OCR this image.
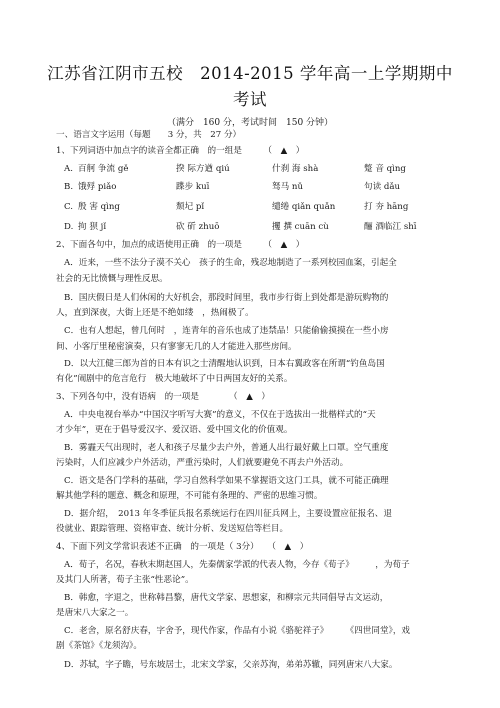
江苏省江阴市五校　2014-2015 学年高一上学期期中
考试
（满分　160 分，考试时间　150 分钟）
一、语言文字运用（每题　　3 分，共　27 分）
1、下列词语中加点字的读音全都正确　的一组是　　　（　▲　）
A. 百舸 争流 gě	揆 际方遒 qiú	什刹 海 shà	蹩 音 qìng
B. 饿殍 piǎo	蹀步 kuī	驽马 nǔ	句读 dǎu
C. 殷 害 qìng	颓圮 pǐ	缱绻 qiǎn quǎn	打 夯 hāng
D. 拘 狈 jǐ	砍 斫 zhuō	攫 撰 cuān cù	酾 酒临江 shī
2、下面各句中，加点的成语使用正确　的一项是　　　（　▲　）
A．近来，一些不法分子漠不关心　孩子的生命，残忍地制造了一系列校园血案，引起全
社会的无比愤慨与理性反思。
B．国庆假日是人们休闲的大好机会，那段时间里，我市步行街上到处都是游玩购物的
人，直到深夜，大街上还是不绝如缕　，热闹极了。
C．也有人想起，曾几何时　，连青年的音乐也成了违禁品！只能偷偷摸摸在一些小房
间、小客厅里秘密演奏，只有寥寥无几的人才能进入那些房间。
D．以大江健三郎为首的日本有识之士清醒地认识到，日本右翼政客在所谓“钓鱼岛国
有化”闹剧中的危言危行　极大地破坏了中日两国友好的关系。
3、下列各句中，没有语病　的一项是　　　　（　▲　）
A．中央电视台举办“中国汉字听写大赛”的意义，不仅在于选拔出一批楷样式的“天
才少年”，更在于倡导爱汉字、爱汉语、爱中国文化的价值观。
B．雾霾天气出现时，老人和孩子尽量少去户外，普通人出行最好戴上口罩。空气重度
污染时，人们应减少户外活动，严重污染时，人们就要避免不再去户外活动。
C．语文是各门学科的基础，学习自然科学如果不掌握语文这门工具，就不可能正确理
解其他学科的题意、概念和原理，不可能有条理的、严密的思维习惯。
D．据介绍，　2013 年冬季征兵报名系统运行在四川征兵网上，主要设置应征报名、退
役就业、跟踪管理、资格审查、统计分析、发送短信等栏目。
4、下面下列文学常识表述不正确　的一项是（ 3分）　　（　▲　）
A．荀子，名况，春秋末期赵国人，先秦儒家学派的代表人物，今存《荀子》　　　，为荀子
及其门人所著，荀子主张“性恶论”。
B．韩愈，字退之，世称韩昌黎，唐代文学家、思想家，和柳宗元共同倡导古文运动，
是唐宋八大家之一。
C．老舍，原名舒庆春，字舍予，现代作家，作品有小说《骆驼祥子》　　　《四世同堂》，戏
剧《茶馆》《龙须沟》。
D．苏轼，字子瞻，号东坡居士，北宋文学家，父亲苏洵，弟弟苏辙，同列唐宋八大家。
